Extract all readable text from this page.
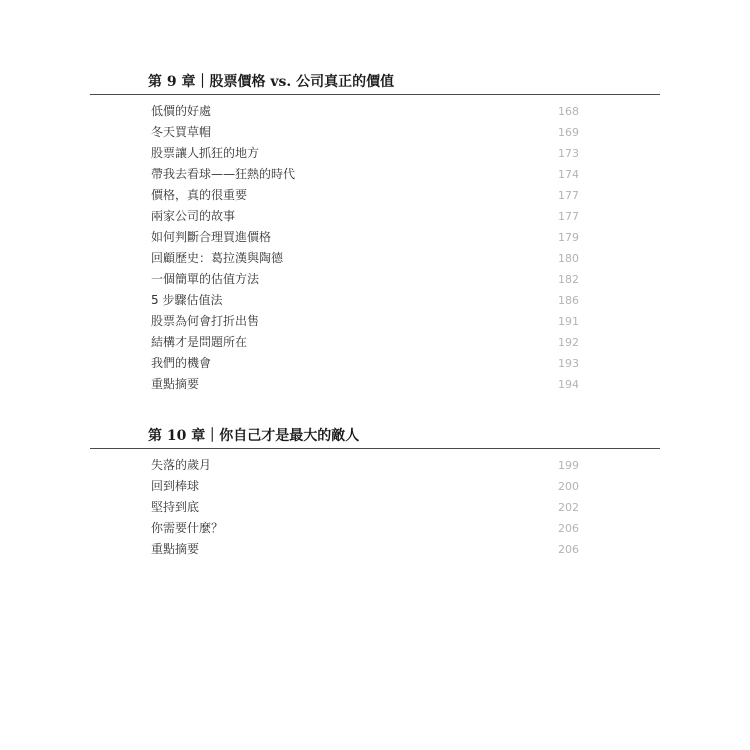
第 9 章｜股票價格 vs. 公司真正的價值
低價的好處	168
冬天買草帽	169
股票讓人抓狂的地方	173
帶我去看球——狂熱的時代	174
價格，真的很重要	177
兩家公司的故事	177
如何判斷合理買進價格	179
回顧歷史：葛拉漢與陶德	180
一個簡單的估值方法	182
5 步驟估值法	186
股票為何會打折出售	191
結構才是問題所在	192
我們的機會	193
重點摘要	194
第 10 章｜你自己才是最大的敵人
失落的歲月	199
回到棒球	200
堅持到底	202
你需要什麼？	206
重點摘要	206
